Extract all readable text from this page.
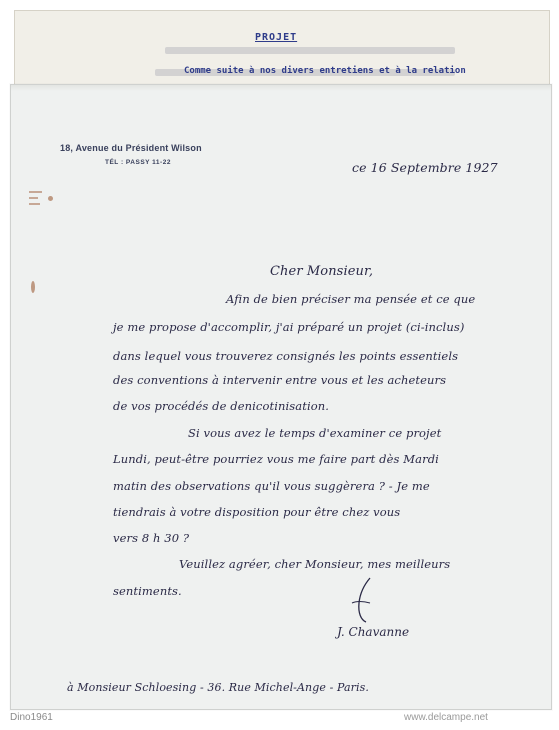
PROJET
Comme suite à nos divers entretiens et à la relation
18, Avenue du Président Wilson
TÉL : PASSY 11-22	ce 16 Septembre 1927
Cher Monsieur,
Afin de bien préciser ma pensée et ce que
je me propose d'accomplir, j'ai préparé un projet (ci-inclus)
dans lequel vous trouverez consignés les points essentiels
des conventions à intervenir entre vous et les acheteurs
de vos procédés de denicotinisation.
Si vous avez le temps d'examiner ce projet
Lundi, peut-être pourriez vous me faire part dès Mardi
matin des observations qu'il vous suggèrera ? - Je me
tiendrais à votre disposition pour être chez vous
vers 8 h 30 ?
Veuillez agréer, cher Monsieur, mes meilleurs
sentiments.
J. Chavanne
à Monsieur Schloesing - 36. Rue Michel-Ange - Paris.
Dino1961	www.delcampe.net
